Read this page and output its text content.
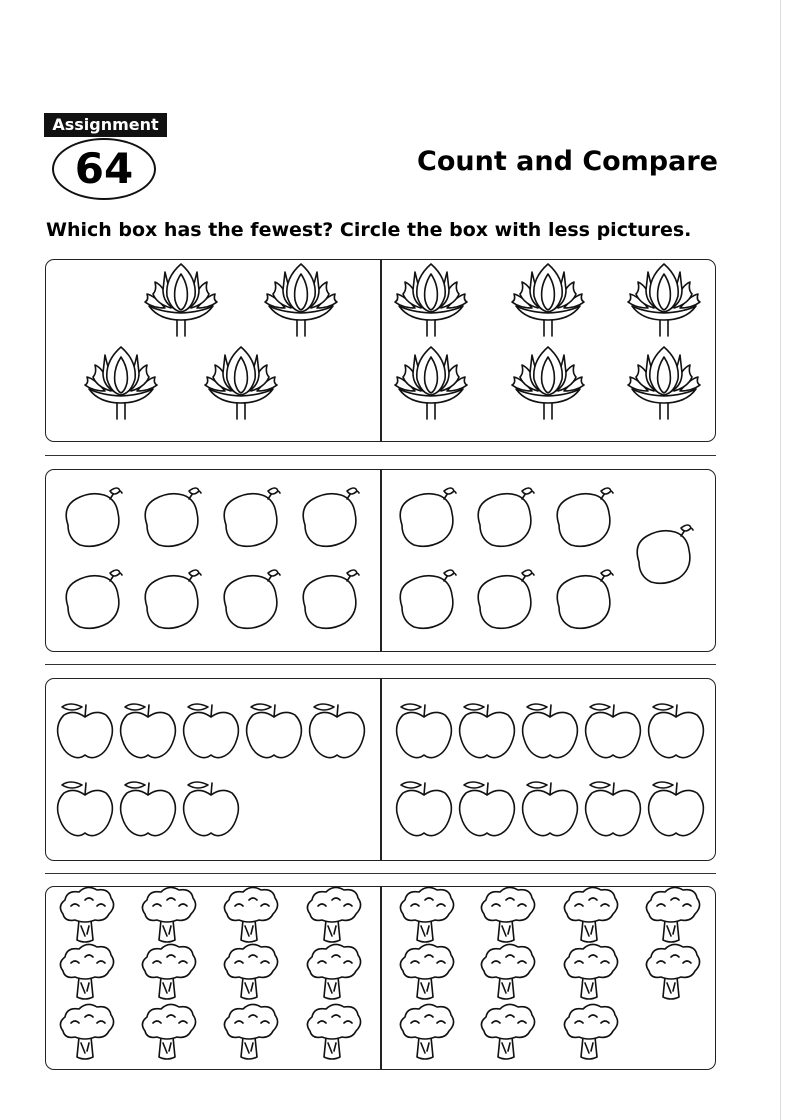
Assignment
64	Count and Compare
Which box has the fewest? Circle the box with less pictures.
